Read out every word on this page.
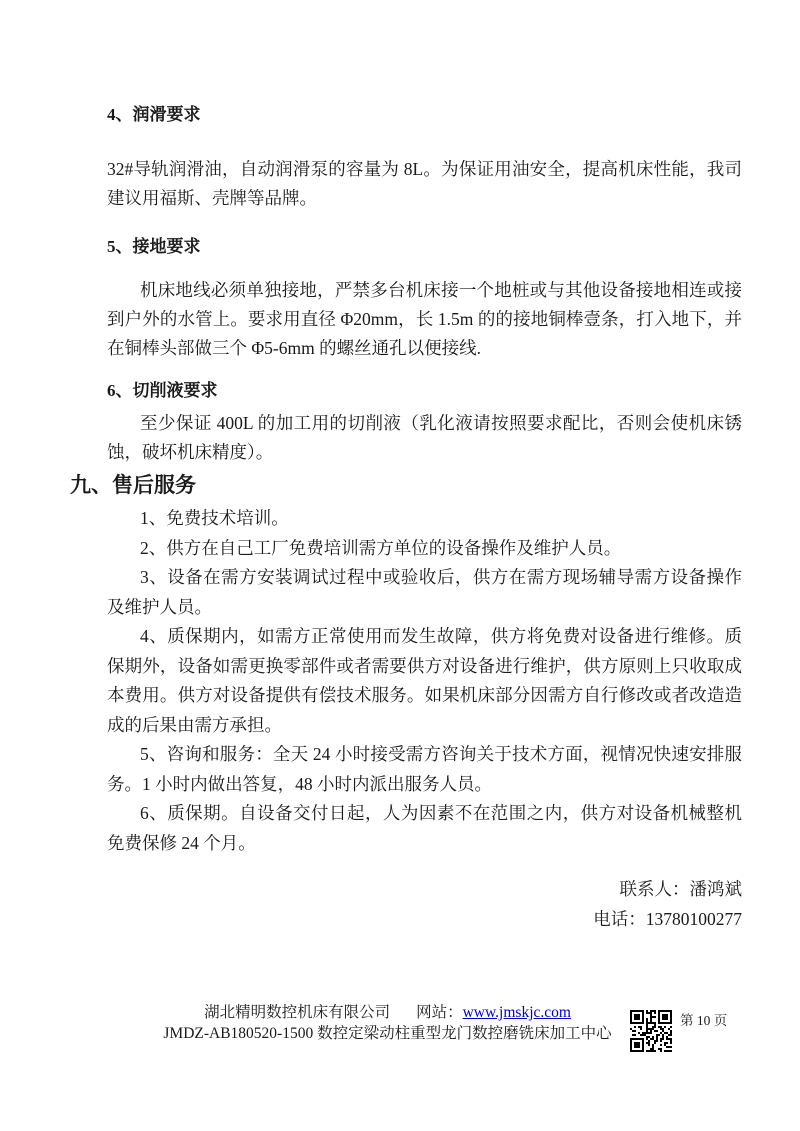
4、润滑要求

32#导轨润滑油，自动润滑泵的容量为 8L。为保证用油安全，提高机床性能，我司建议用福斯、壳牌等品牌。

5、接地要求

机床地线必须单独接地，严禁多台机床接一个地桩或与其他设备接地相连或接到户外的水管上。要求用直径 Φ20mm，长 1.5m 的的接地铜棒壹条，打入地下，并在铜棒头部做三个 Φ5-6mm 的螺丝通孔以便接线.

6、切削液要求

至少保证 400L 的加工用的切削液（乳化液请按照要求配比，否则会使机床锈蚀，破坏机床精度）。

九、售后服务

1、免费技术培训。

2、供方在自己工厂免费培训需方单位的设备操作及维护人员。

3、设备在需方安装调试过程中或验收后，供方在需方现场辅导需方设备操作及维护人员。

4、质保期内，如需方正常使用而发生故障，供方将免费对设备进行维修。质保期外，设备如需更换零部件或者需要供方对设备进行维护，供方原则上只收取成本费用。供方对设备提供有偿技术服务。如果机床部分因需方自行修改或者改造造成的后果由需方承担。

5、咨询和服务：全天 24 小时接受需方咨询关于技术方面，视情况快速安排服务。1 小时内做出答复，48 小时内派出服务人员。

6、质保期。自设备交付日起，人为因素不在范围之内，供方对设备机械整机免费保修 24 个月。

联系人：潘鸿斌

电话：13780100277

湖北精明数控机床有限公司 网站：www.jmskjc.com

JMDZ-AB180520-1500 数控定梁动柱重型龙门数控磨铣床加工中心

第 10 页
